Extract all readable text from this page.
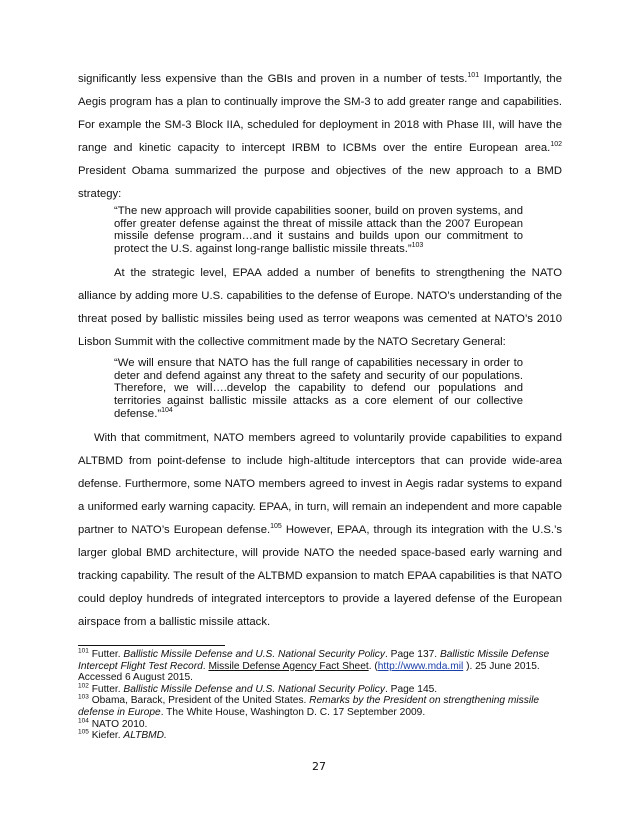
significantly less expensive than the GBIs and proven in a number of tests.$^{101}$ Importantly, the Aegis program has a plan to continually improve the SM-3 to add greater range and capabilities. For example the SM-3 Block IIA, scheduled for deployment in 2018 with Phase III, will have the range and kinetic capacity to intercept IRBM to ICBMs over the entire European area.$^{102}$ President Obama summarized the purpose and objectives of the new approach to a BMD strategy:

“The new approach will provide capabilities sooner, build on proven systems, and offer greater defense against the threat of missile attack than the 2007 European missile defense program…and it sustains and builds upon our commitment to protect the U.S. against long-range ballistic missile threats.”$^{103}$

At the strategic level, EPAA added a number of benefits to strengthening the NATO alliance by adding more U.S. capabilities to the defense of Europe. NATO’s understanding of the threat posed by ballistic missiles being used as terror weapons was cemented at NATO’s 2010 Lisbon Summit with the collective commitment made by the NATO Secretary General:

“We will ensure that NATO has the full range of capabilities necessary in order to deter and defend against any threat to the safety and security of our populations. Therefore, we will….develop the capability to defend our populations and territories against ballistic missile attacks as a core element of our collective defense.”$^{104}$

With that commitment, NATO members agreed to voluntarily provide capabilities to expand ALTBMD from point-defense to include high-altitude interceptors that can provide wide-area defense. Furthermore, some NATO members agreed to invest in Aegis radar systems to expand a uniformed early warning capacity. EPAA, in turn, will remain an independent and more capable partner to NATO’s European defense.$^{105}$ However, EPAA, through its integration with the U.S.’s larger global BMD architecture, will provide NATO the needed space-based early warning and tracking capability. The result of the ALTBMD expansion to match EPAA capabilities is that NATO could deploy hundreds of integrated interceptors to provide a layered defense of the European airspace from a ballistic missile attack.

$^{101}$ Futter. Ballistic Missile Defense and U.S. National Security Policy. Page 137. Ballistic Missile Defense Intercept Flight Test Record. Missile Defense Agency Fact Sheet. (http://www.mda.mil ). 25 June 2015. Accessed 6 August 2015.

$^{102}$ Futter. Ballistic Missile Defense and U.S. National Security Policy. Page 145.

$^{103}$ Obama, Barack, President of the United States. Remarks by the President on strengthening missile defense in Europe. The White House, Washington D. C. 17 September 2009.

$^{104}$ NATO 2010.

$^{105}$ Kiefer. ALTBMD.

27
